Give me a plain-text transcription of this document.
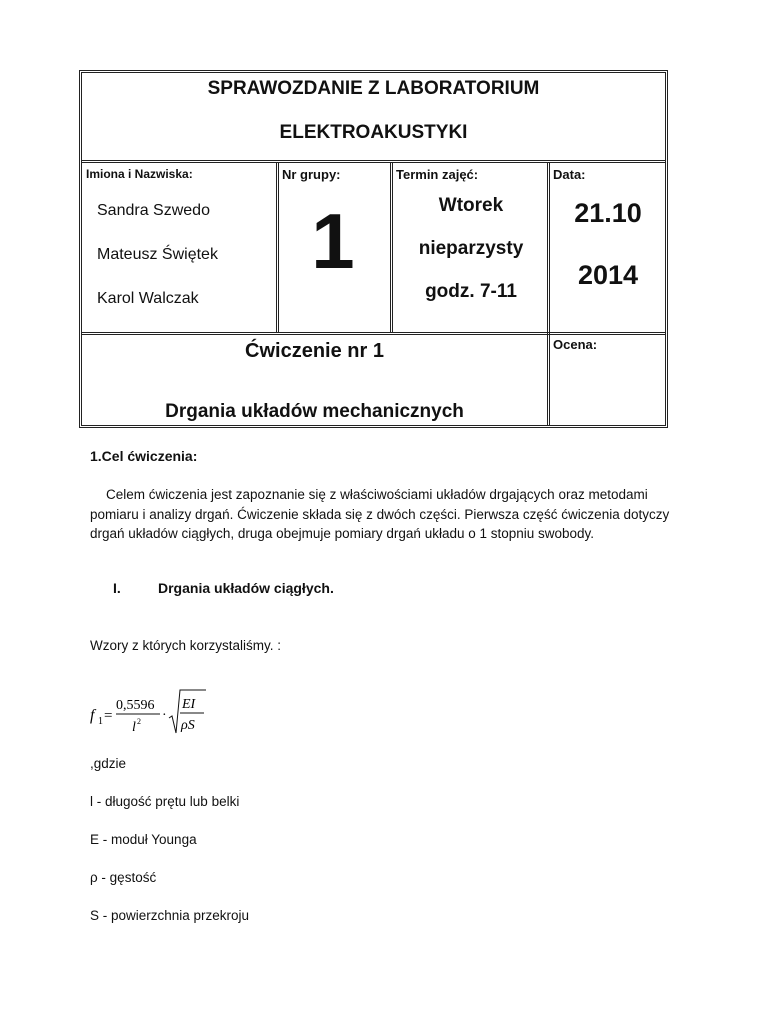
SPRAWOZDANIE Z LABORATORIUM
ELEKTROAKUSTYKI
Imiona i Nazwiska:
Sandra Szwedo
Mateusz Świętek
Karol Walczak
Nr grupy:
1
Termin zajęć:
Wtorek
nieparzysty
godz. 7-11
Data:
21.10
2014
Ćwiczenie nr 1
Drgania układów mechanicznych
Ocena:
1.Cel ćwiczenia:
Celem ćwiczenia jest zapoznanie się z właściwościami układów drgających oraz metodami pomiaru i analizy drgań. Ćwiczenie składa się z dwóch części. Pierwsza część ćwiczenia dotyczy drgań układów ciągłych, druga obejmuje pomiary drgań układu o 1 stopniu swobody.
I.	Drgania układów ciągłych.
Wzory z których korzystaliśmy. :
f 1 =
0,5596
l 2 ·
EI
ρS
,gdzie
l - długość prętu lub belki
E - moduł Younga
ρ - gęstość
S - powierzchnia przekroju
